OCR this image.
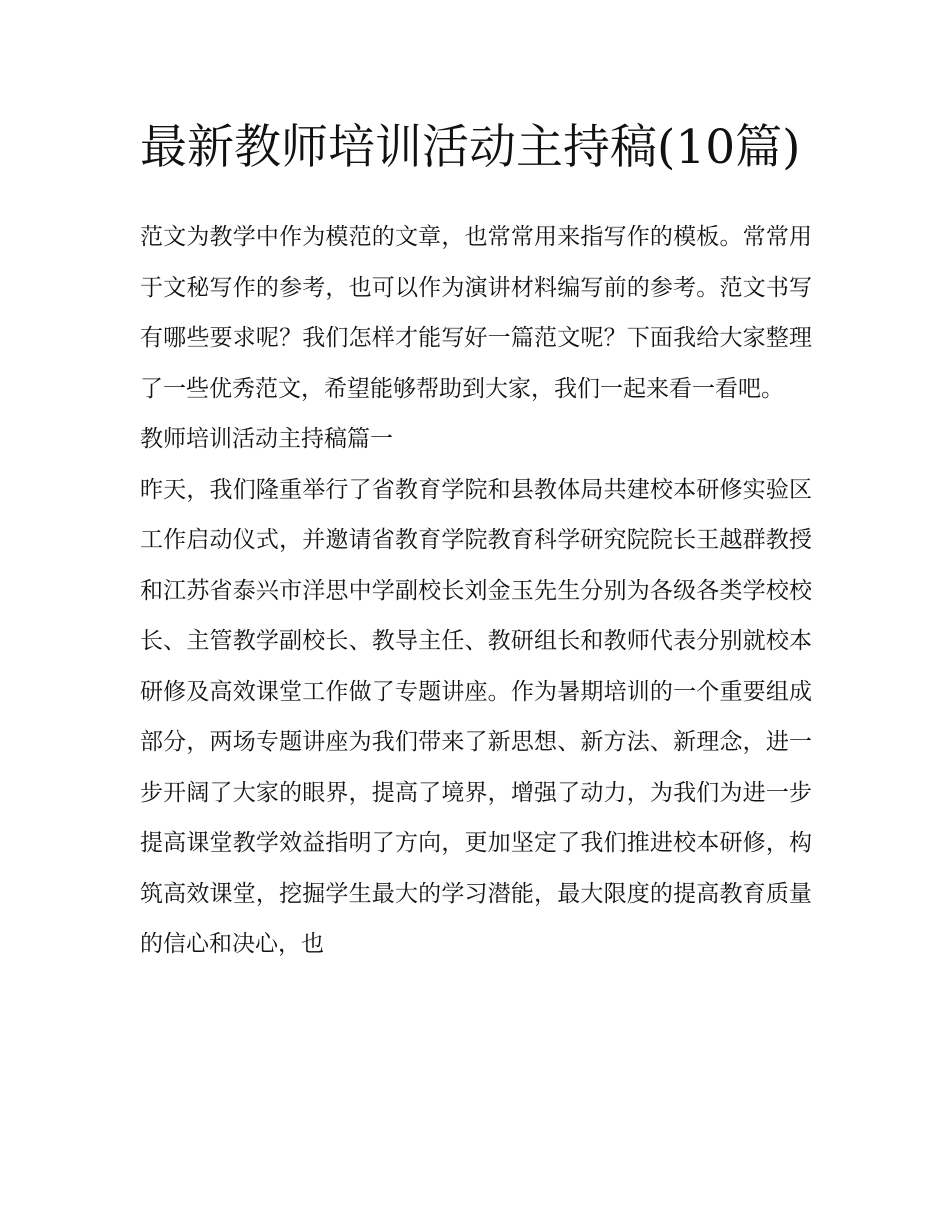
最新教师培训活动主持稿(10篇)

范文为教学中作为模范的文章，也常常用来指写作的模板。常常用于文秘写作的参考，也可以作为演讲材料编写前的参考。范文书写有哪些要求呢？我们怎样才能写好一篇范文呢？下面我给大家整理了一些优秀范文，希望能够帮助到大家，我们一起来看一看吧。

教师培训活动主持稿篇一

昨天，我们隆重举行了省教育学院和县教体局共建校本研修实验区工作启动仪式，并邀请省教育学院教育科学研究院院长王越群教授和江苏省泰兴市洋思中学副校长刘金玉先生分别为各级各类学校校长、主管教学副校长、教导主任、教研组长和教师代表分别就校本研修及高效课堂工作做了专题讲座。作为暑期培训的一个重要组成部分，两场专题讲座为我们带来了新思想、新方法、新理念，进一步开阔了大家的眼界，提高了境界，增强了动力，为我们为进一步提高课堂教学效益指明了方向，更加坚定了我们推进校本研修，构筑高效课堂，挖掘学生最大的学习潜能，最大限度的提高教育质量的信心和决心，也
